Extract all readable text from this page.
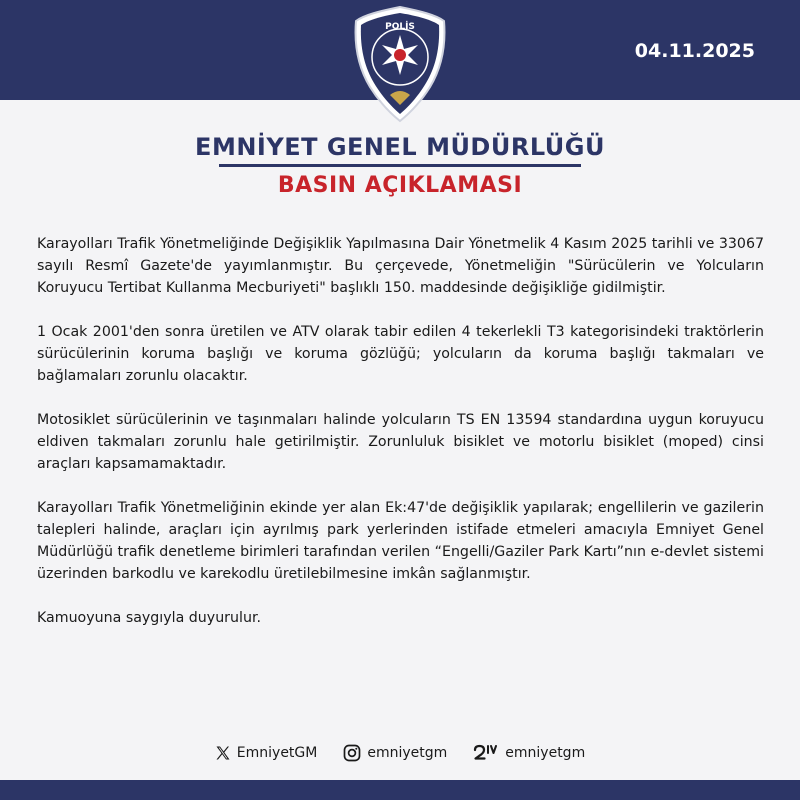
04.11.2025
POLİS
EMNİYET GENEL MÜDÜRLÜĞÜ
BASIN AÇIKLAMASI

Karayolları Trafik Yönetmeliğinde Değişiklik Yapılmasına Dair Yönetmelik 4 Kasım 2025 tarihli ve 33067 sayılı Resmî Gazete'de yayımlanmıştır. Bu çerçevede, Yönetmeliğin "Sürücülerin ve Yolcuların Koruyucu Tertibat Kullanma Mecburiyeti" başlıklı 150. maddesinde değişikliğe gidilmiştir.

1 Ocak 2001'den sonra üretilen ve ATV olarak tabir edilen 4 tekerlekli T3 kategorisindeki traktörlerin sürücülerinin koruma başlığı ve koruma gözlüğü; yolcuların da koruma başlığı takmaları ve bağlamaları zorunlu olacaktır.

Motosiklet sürücülerinin ve taşınmaları halinde yolcuların TS EN 13594 standardına uygun koruyucu eldiven takmaları zorunlu hale getirilmiştir. Zorunluluk bisiklet ve motorlu bisiklet (moped) cinsi araçları kapsamamaktadır.

Karayolları Trafik Yönetmeliğinin ekinde yer alan Ek:47'de değişiklik yapılarak; engellilerin ve gazilerin talepleri halinde, araçları için ayrılmış park yerlerinden istifade etmeleri amacıyla Emniyet Genel Müdürlüğü trafik denetleme birimleri tarafından verilen “Engelli/Gaziler Park Kartı”nın e-devlet sistemi üzerinden barkodlu ve karekodlu üretilebilmesine imkân sağlanmıştır.

Kamuoyuna saygıyla duyurulur.

EmniyetGM	emniyetgm	emniyetgm
